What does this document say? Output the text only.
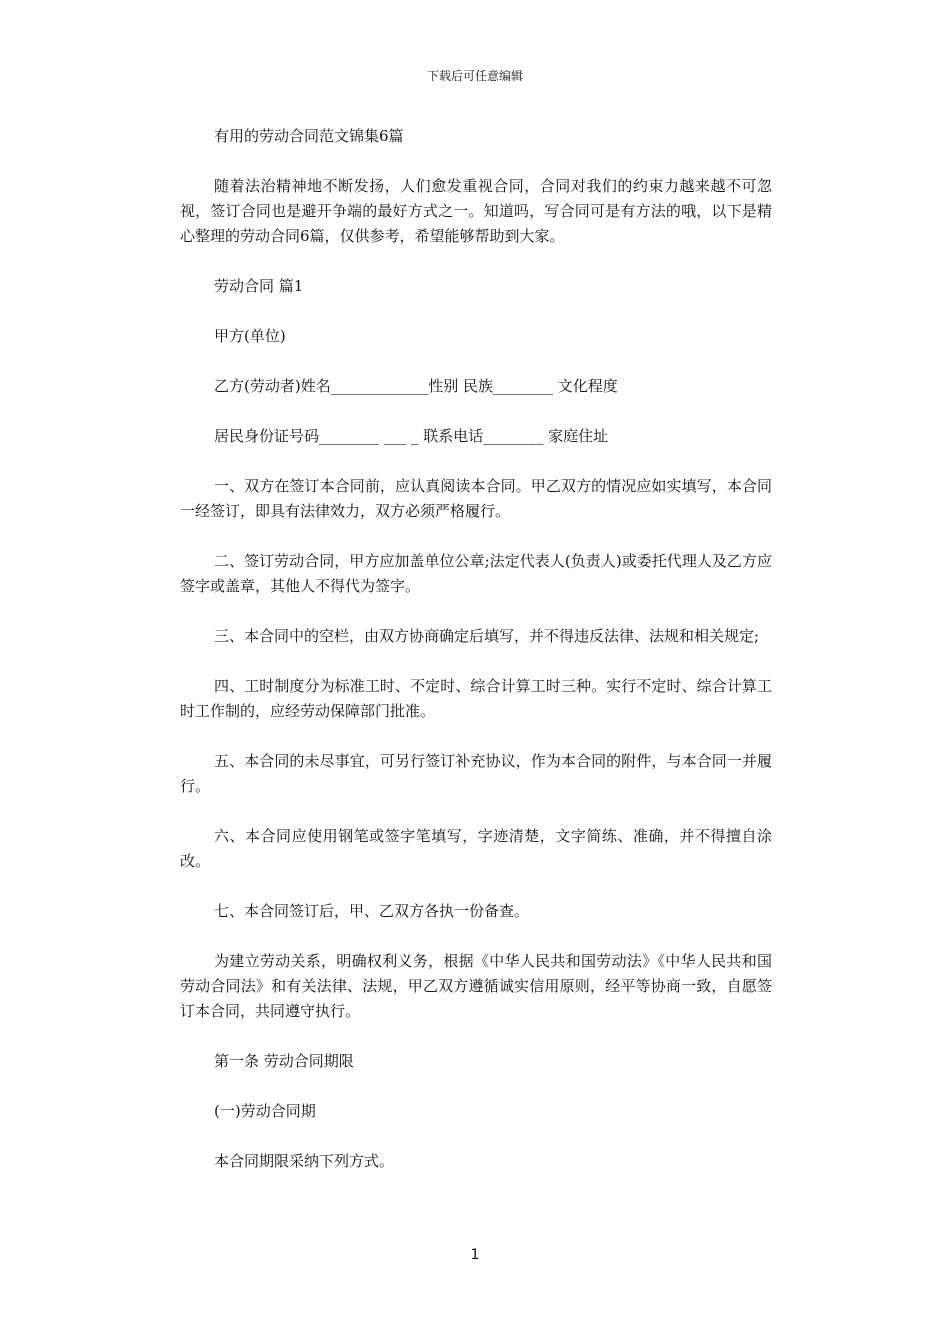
下载后可任意编辑

有用的劳动合同范文锦集6篇

随着法治精神地不断发扬，人们愈发重视合同，合同对我们的约束力越来越不可忽视，签订合同也是避开争端的最好方式之一。知道吗，写合同可是有方法的哦，以下是精心整理的劳动合同6篇，仅供参考，希望能够帮助到大家。

劳动合同 篇1

甲方(单位)

乙方(劳动者)姓名_____________性别 民族________ 文化程度

居民身份证号码________ ___ _ 联系电话________ 家庭住址

一、双方在签订本合同前，应认真阅读本合同。甲乙双方的情况应如实填写，本合同一经签订，即具有法律效力，双方必须严格履行。

二、签订劳动合同，甲方应加盖单位公章;法定代表人(负责人)或委托代理人及乙方应签字或盖章，其他人不得代为签字。

三、本合同中的空栏，由双方协商确定后填写，并不得违反法律、法规和相关规定;

四、工时制度分为标准工时、不定时、综合计算工时三种。实行不定时、综合计算工时工作制的，应经劳动保障部门批准。

五、本合同的未尽事宜，可另行签订补充协议，作为本合同的附件，与本合同一并履行。

六、本合同应使用钢笔或签字笔填写，字迹清楚，文字简练、准确，并不得擅自涂改。

七、本合同签订后，甲、乙双方各执一份备查。

为建立劳动关系，明确权利义务，根据《中华人民共和国劳动法》《中华人民共和国劳动合同法》和有关法律、法规，甲乙双方遵循诚实信用原则，经平等协商一致，自愿签订本合同，共同遵守执行。

第一条 劳动合同期限

(一)劳动合同期

本合同期限采纳下列方式。

1
